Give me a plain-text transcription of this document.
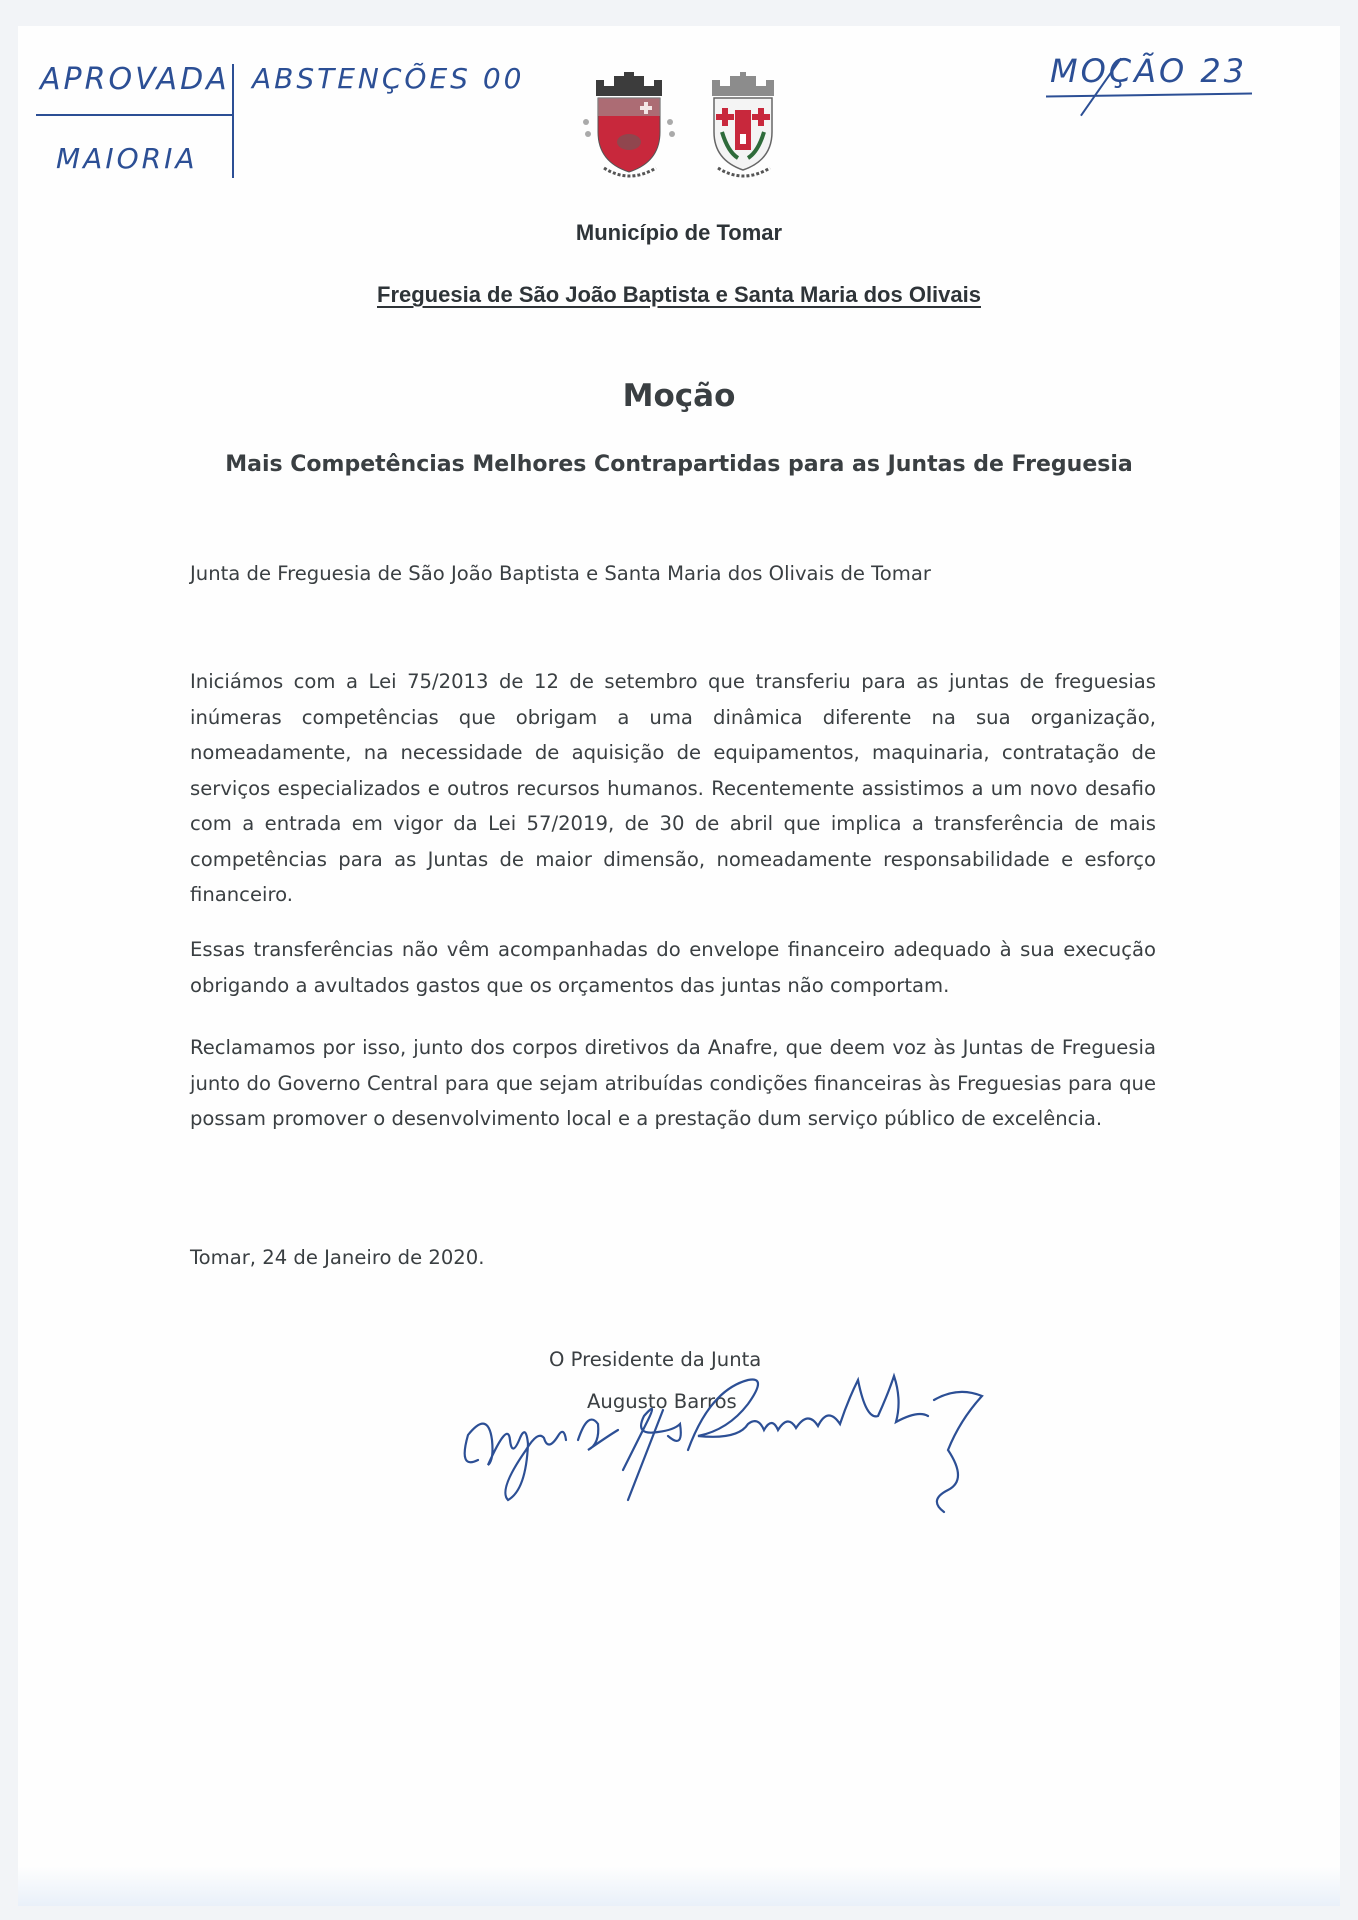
APROVADA
MAIORIA
ABSTENÇÕES 00	MOÇÃO 23
Município de Tomar
Freguesia de São João Baptista e Santa Maria dos Olivais
Moção
Mais Competências Melhores Contrapartidas para as Juntas de Freguesia
Junta de Freguesia de São João Baptista e Santa Maria dos Olivais de Tomar
Iniciámos com a Lei 75/2013 de 12 de setembro que transferiu para as juntas de freguesias inúmeras competências que obrigam a uma dinâmica diferente na sua organização, nomeadamente, na necessidade de aquisição de equipamentos, maquinaria, contratação de serviços especializados e outros recursos humanos. Recentemente assistimos a um novo desafio com a entrada em vigor da Lei 57/2019, de 30 de abril que implica a transferência de mais competências para as Juntas de maior dimensão, nomeadamente responsabilidade e esforço financeiro.
Essas transferências não vêm acompanhadas do envelope financeiro adequado à sua execução obrigando a avultados gastos que os orçamentos das juntas não comportam.
Reclamamos por isso, junto dos corpos diretivos da Anafre, que deem voz às Juntas de Freguesia junto do Governo Central para que sejam atribuídas condições financeiras às Freguesias para que possam promover o desenvolvimento local e a prestação dum serviço público de excelência.
Tomar, 24 de Janeiro de 2020.
O Presidente da Junta
Augusto Barros
